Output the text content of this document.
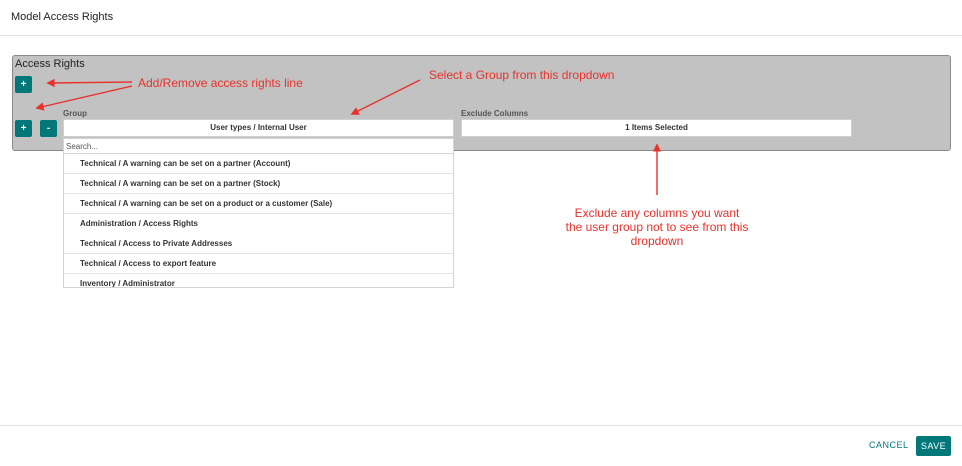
Model Access Rights
Access Rights
+
+	-
Group
User types / Internal User
Exclude Columns
1 Items Selected
Search...
Technical / A warning can be set on a partner (Account)
Technical / A warning can be set on a partner (Stock)
Technical / A warning can be set on a product or a customer (Sale)
Administration / Access Rights
Technical / Access to Private Addresses
Technical / Access to export feature
Inventory / Administrator
Add/Remove access rights line
Select a Group from this dropdown
Exclude any columns you want
the user group not to see from this
dropdown
CANCEL	SAVE
